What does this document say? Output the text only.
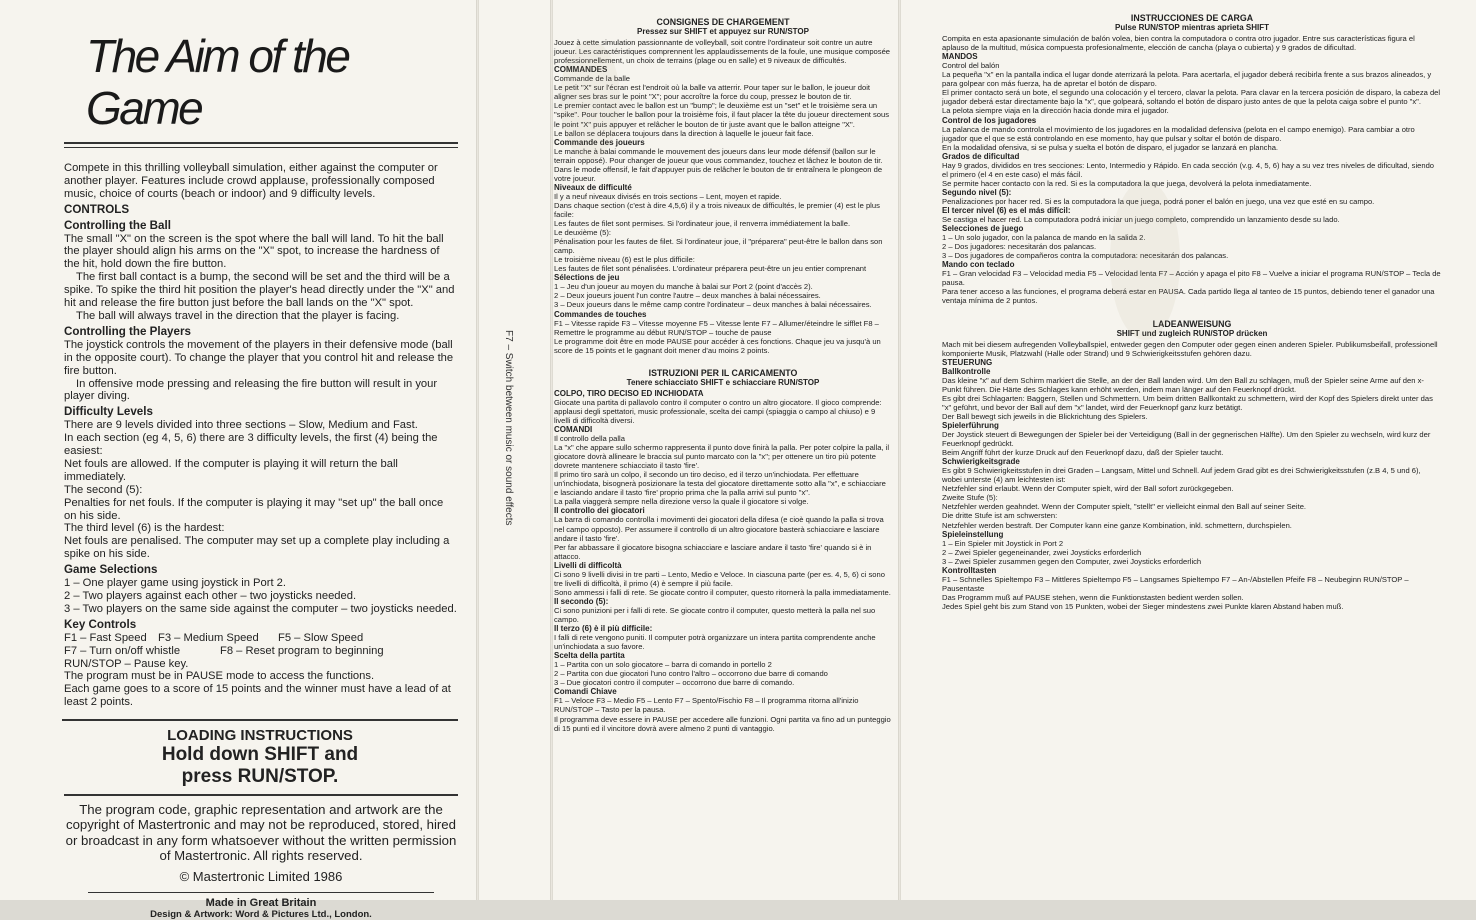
The Aim of the Game

Compete in this thrilling volleyball simulation, either against the computer or another player. Features include crowd applause, professionally composed music, choice of courts (beach or indoor) and 9 difficulty levels.

CONTROLS
Controlling the Ball

The small "X" on the screen is the spot where the ball will land. To hit the ball the player should align his arms on the "X" spot, to increase the hardness of the hit, hold down the fire button.

The first ball contact is a bump, the second will be set and the third will be a spike. To spike the third hit position the player's head directly under the "X" and hit and release the fire button just before the ball lands on the "X" spot.

The ball will always travel in the direction that the player is facing.

Controlling the Players

The joystick controls the movement of the players in their defensive mode (ball in the opposite court). To change the player that you control hit and release the fire button.

In offensive mode pressing and releasing the fire button will result in your player diving.

Difficulty Levels

There are 9 levels divided into three sections – Slow, Medium and Fast.

In each section (eg 4, 5, 6) there are 3 difficulty levels, the first (4) being the easiest:

Net fouls are allowed. If the computer is playing it will return the ball immediately.

The second (5):

Penalties for net fouls. If the computer is playing it may "set up" the ball once on his side.

The third level (6) is the hardest:

Net fouls are penalised. The computer may set up a complete play including a spike on his side.

Game Selections

1 – One player game using joystick in Port 2.

2 – Two players against each other – two joysticks needed.

3 – Two players on the same side against the computer – two joysticks needed.

Key Controls
F1 – Fast Speed	F3 – Medium Speed	F5 – Slow Speed
F7 – Turn on/off whistle	F8 – Reset program to beginning

RUN/STOP – Pause key.

The program must be in PAUSE mode to access the functions.

Each game goes to a score of 15 points and the winner must have a lead of at least 2 points.

LOADING INSTRUCTIONS
Hold down SHIFT and
press RUN/STOP.
The program code, graphic representation and artwork are the copyright of Mastertronic and may not be reproduced, stored, hired or broadcast in any form whatsoever without the written permission of Mastertronic. All rights reserved.
© Mastertronic Limited 1986
Made in Great Britain
Design & Artwork: Word & Pictures Ltd., London.
F7 – Switch between music or sound effects
CONSIGNES DE CHARGEMENT
Pressez sur SHIFT et appuyez sur RUN/STOP

Jouez à cette simulation passionnante de volleyball, soit contre l'ordinateur soit contre un autre joueur. Les caractéristiques comprennent les applaudissements de la foule, une musique composée professionnellement, un choix de terrains (plage ou en salle) et 9 niveaux de difficultés.

COMMANDES

Commande de la balle

Le petit "X" sur l'écran est l'endroit où la balle va atterrir. Pour taper sur le ballon, le joueur doit aligner ses bras sur le point "X"; pour accroître la force du coup, pressez le bouton de tir.

Le premier contact avec le ballon est un "bump"; le deuxième est un "set" et le troisième sera un "spike". Pour toucher le ballon pour la troisième fois, il faut placer la tête du joueur directement sous le point "X" puis appuyer et relâcher le bouton de tir juste avant que le ballon atteigne "X".

Le ballon se déplacera toujours dans la direction à laquelle le joueur fait face.

Commande des joueurs

Le manche à balai commande le mouvement des joueurs dans leur mode défensif (ballon sur le terrain opposé). Pour changer de joueur que vous commandez, touchez et lâchez le bouton de tir. Dans le mode offensif, le fait d'appuyer puis de relâcher le bouton de tir entraînera le plongeon de votre joueur.

Niveaux de difficulté

Il y a neuf niveaux divisés en trois sections – Lent, moyen et rapide.

Dans chaque section (c'est à dire 4,5,6) il y a trois niveaux de difficultés, le premier (4) est le plus facile:

Les fautes de filet sont permises. Si l'ordinateur joue, il renverra immédiatement la balle.

Le deuxième (5):

Pénalisation pour les fautes de filet. Si l'ordinateur joue, il "préparera" peut-être le ballon dans son camp.

Le troisième niveau (6) est le plus difficile:

Les fautes de filet sont pénalisées. L'ordinateur préparera peut-être un jeu entier comprenant

Sélections de jeu

1 – Jeu d'un joueur au moyen du manche à balai sur Port 2 (point d'accès 2).

2 – Deux joueurs jouent l'un contre l'autre – deux manches à balai nécessaires.

3 – Deux joueurs dans le même camp contre l'ordinateur – deux manches à balai nécessaires.

Commandes de touches

F1 – Vitesse rapide F3 – Vitesse moyenne F5 – Vitesse lente F7 – Allumer/éteindre le sifflet F8 – Remettre le programme au début RUN/STOP – touche de pause

Le programme doit être en mode PAUSE pour accéder à ces fonctions. Chaque jeu va jusqu'à un score de 15 points et le gagnant doit mener d'au moins 2 points.

ISTRUZIONI PER IL CARICAMENTO
Tenere schiacciato SHIFT e schiacciare RUN/STOP
COLPO, TIRO DECISO ED INCHIODATA

Giocate una partita di pallavolo contro il computer o contro un altro giocatore. Il gioco comprende: applausi degli spettatori, music professionale, scelta dei campi (spiaggia o campo al chiuso) e 9 livelli di difficoltà diversi.

COMANDI

Il controllo della palla

La "x" che appare sullo schermo rappresenta il punto dove finirà la palla. Per poter colpire la palla, il giocatore dovrà allineare le braccia sul punto marcato con la "x"; per ottenere un tiro più potente dovrete mantenere schiacciato il tasto 'fire'.

Il primo tiro sarà un colpo, il secondo un tiro deciso, ed il terzo un'inchiodata. Per effettuare un'inchiodata, bisognerà posizionare la testa del giocatore direttamente sotto alla "x", e schiacciare e lasciando andare il tasto 'fire' proprio prima che la palla arrivi sul punto "x".

La palla viaggerà sempre nella direzione verso la quale il giocatore si volge.

Il controllo dei giocatori

La barra di comando controlla i movimenti dei giocatori della difesa (e cioè quando la palla si trova nel campo opposto). Per assumere il controllo di un altro giocatore basterà schiacciare e lasciare andare il tasto 'fire'.

Per far abbassare il giocatore bisogna schiacciare e lasciare andare il tasto 'fire' quando si è in attacco.

Livelli di difficoltà

Ci sono 9 livelli divisi in tre parti – Lento, Medio e Veloce. In ciascuna parte (per es. 4, 5, 6) ci sono tre livelli di difficoltà, il primo (4) è sempre il più facile.

Sono ammessi i falli di rete. Se giocate contro il computer, questo ritornerà la palla immediatamente.

Il secondo (5):

Ci sono punizioni per i falli di rete. Se giocate contro il computer, questo metterà la palla nel suo campo.

Il terzo (6) è il più difficile:

I falli di rete vengono puniti. Il computer potrà organizzare un intera partita comprendente anche un'inchiodata a suo favore.

Scelta della partita

1 – Partita con un solo giocatore – barra di comando in portello 2

2 – Partita con due giocatori l'uno contro l'altro – occorrono due barre di comando

3 – Due giocatori contro il computer – occorrono due barre di comando.

Comandi Chiave

F1 – Veloce F3 – Medio F5 – Lento F7 – Spento/Fischio F8 – Il programma ritorna all'inizio RUN/STOP – Tasto per la pausa.

Il programma deve essere in PAUSE per accedere alle funzioni. Ogni partita va fino ad un punteggio di 15 punti ed il vincitore dovrà avere almeno 2 punti di vantaggio.

INSTRUCCIONES DE CARGA
Pulse RUN/STOP mientras aprieta SHIFT

Compita en esta apasionante simulación de balón volea, bien contra la computadora o contra otro jugador. Entre sus características figura el aplauso de la multitud, música compuesta profesionalmente, elección de cancha (playa o cubierta) y 9 grados de dificultad.

MANDOS

Control del balón

La pequeña "x" en la pantalla indica el lugar donde aterrizará la pelota. Para acertarla, el jugador deberá recibirla frente a sus brazos alineados, y para golpear con más fuerza, ha de apretar el botón de disparo.

El primer contacto será un bote, el segundo una colocación y el tercero, clavar la pelota. Para clavar en la tercera posición de disparo, la cabeza del jugador deberá estar directamente bajo la "x", que golpeará, soltando el botón de disparo justo antes de que la pelota caiga sobre el punto "x".

La pelota siempre viaja en la dirección hacia donde mira el jugador.

Control de los jugadores

La palanca de mando controla el movimiento de los jugadores en la modalidad defensiva (pelota en el campo enemigo). Para cambiar a otro jugador que el que se está controlando en ese momento, hay que pulsar y soltar el botón de disparo.

En la modalidad ofensiva, si se pulsa y suelta el botón de disparo, el jugador se lanzará en plancha.

Grados de dificultad

Hay 9 grados, divididos en tres secciones: Lento, Intermedio y Rápido. En cada sección (v.g. 4, 5, 6) hay a su vez tres niveles de dificultad, siendo el primero (el 4 en este caso) el más fácil.

Se permite hacer contacto con la red. Si es la computadora la que juega, devolverá la pelota inmediatamente.

Segundo nivel (5):

Penalizaciones por hacer red. Si es la computadora la que juega, podrá poner el balón en juego, una vez que esté en su campo.

El tercer nivel (6) es el más difícil:

Se castiga el hacer red. La computadora podrá iniciar un juego completo, comprendido un lanzamiento desde su lado.

Selecciones de juego

1 – Un solo jugador, con la palanca de mando en la salida 2.

2 – Dos jugadores: necesitarán dos palancas.

3 – Dos jugadores de compañeros contra la computadora: necesitarán dos palancas.

Mando con teclado

F1 – Gran velocidad F3 – Velocidad media F5 – Velocidad lenta F7 – Acción y apaga el pito F8 – Vuelve a iniciar el programa RUN/STOP – Tecla de pausa.

Para tener acceso a las funciones, el programa deberá estar en PAUSA. Cada partido llega al tanteo de 15 puntos, debiendo tener el ganador una ventaja mínima de 2 puntos.

LADEANWEISUNG
SHIFT und zugleich RUN/STOP drücken

Mach mit bei diesem aufregenden Volleyballspiel, entweder gegen den Computer oder gegen einen anderen Spieler. Publikumsbeifall, professionell komponierte Musik, Platzwahl (Halle oder Strand) und 9 Schwierigkeitsstufen gehören dazu.

STEUERUNG
Ballkontrolle

Das kleine "x" auf dem Schirm markiert die Stelle, an der der Ball landen wird. Um den Ball zu schlagen, muß der Spieler seine Arme auf den x-Punkt führen. Die Härte des Schlages kann erhöht werden, indem man länger auf den Feuerknopf drückt.

Es gibt drei Schlagarten: Baggern, Stellen und Schmettern. Um beim dritten Ballkontakt zu schmettern, wird der Kopf des Spielers direkt unter das "x" geführt, und bevor der Ball auf dem "x" landet, wird der Feuerknopf ganz kurz betätigt.

Der Ball bewegt sich jeweils in die Blickrichtung des Spielers.

Spielerführung

Der Joystick steuert di Bewegungen der Spieler bei der Verteidigung (Ball in der gegnerischen Hälfte). Um den Spieler zu wechseln, wird kurz der Feuerknopf gedrückt.

Beim Angriff führt der kurze Druck auf den Feuerknopf dazu, daß der Spieler taucht.

Schwierigkeitsgrade

Es gibt 9 Schwierigkeitsstufen in drei Graden – Langsam, Mittel und Schnell. Auf jedem Grad gibt es drei Schwierigkeitsstufen (z.B 4, 5 und 6), wobei unterste (4) am leichtesten ist:

Netzfehler sind erlaubt. Wenn der Computer spielt, wird der Ball sofort zurückgegeben.

Zweite Stufe (5):

Netzfehler werden geahndet. Wenn der Computer spielt, "stellt" er vielleicht einmal den Ball auf seiner Seite.

Die dritte Stufe ist am schwersten:

Netzfehler werden bestraft. Der Computer kann eine ganze Kombination, inkl. schmettern, durchspielen.

Spieleinstellung

1 – Ein Spieler mit Joystick in Port 2

2 – Zwei Spieler gegeneinander, zwei Joysticks erforderlich

3 – Zwei Spieler zusammen gegen den Computer, zwei Joysticks erforderlich

Kontrolltasten

F1 – Schnelles Spieltempo F3 – Mittleres Spieltempo F5 – Langsames Spieltempo F7 – An-/Abstellen Pfeife F8 – Neubeginn RUN/STOP – Pausentaste

Das Programm muß auf PAUSE stehen, wenn die Funktionstasten bedient werden sollen.

Jedes Spiel geht bis zum Stand von 15 Punkten, wobei der Sieger mindestens zwei Punkte klaren Abstand haben muß.
